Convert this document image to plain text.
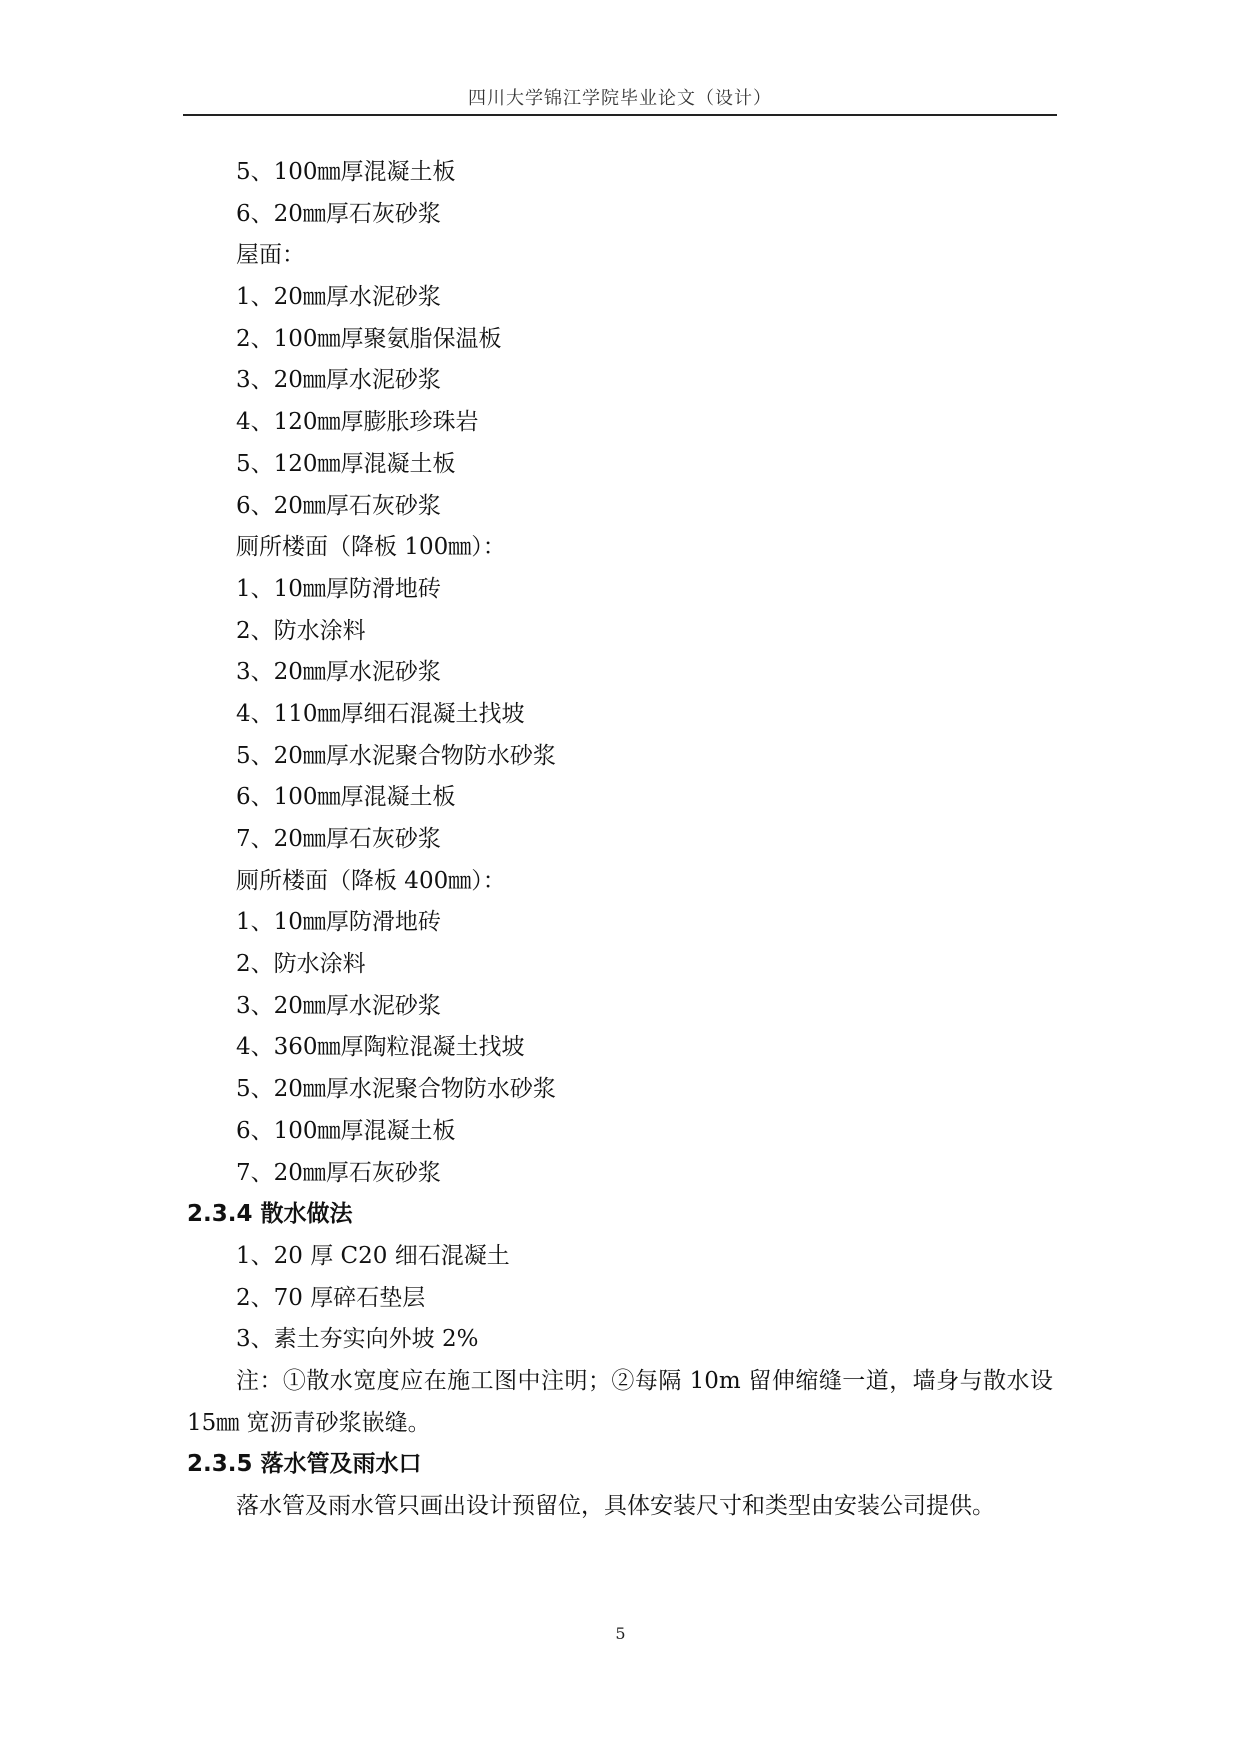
四川大学锦江学院毕业论文（设计）
5、100㎜厚混凝土板
6、20㎜厚石灰砂浆
屋面：
1、20㎜厚水泥砂浆
2、100㎜厚聚氨脂保温板
3、20㎜厚水泥砂浆
4、120㎜厚膨胀珍珠岩
5、120㎜厚混凝土板
6、20㎜厚石灰砂浆
厕所楼面（降板 100㎜）：
1、10㎜厚防滑地砖
2、防水涂料
3、20㎜厚水泥砂浆
4、110㎜厚细石混凝土找坡
5、20㎜厚水泥聚合物防水砂浆
6、100㎜厚混凝土板
7、20㎜厚石灰砂浆
厕所楼面（降板 400㎜）：
1、10㎜厚防滑地砖
2、防水涂料
3、20㎜厚水泥砂浆
4、360㎜厚陶粒混凝土找坡
5、20㎜厚水泥聚合物防水砂浆
6、100㎜厚混凝土板
7、20㎜厚石灰砂浆
2.3.4 散水做法
1、20 厚 C20 细石混凝土
2、70 厚碎石垫层
3、素土夯实向外坡 2%

注：①散水宽度应在施工图中注明；②每隔 10m 留伸缩缝一道，墙身与散水设 15㎜ 宽沥青砂浆嵌缝。

2.3.5 落水管及雨水口

落水管及雨水管只画出设计预留位，具体安装尺寸和类型由安装公司提供。

5
